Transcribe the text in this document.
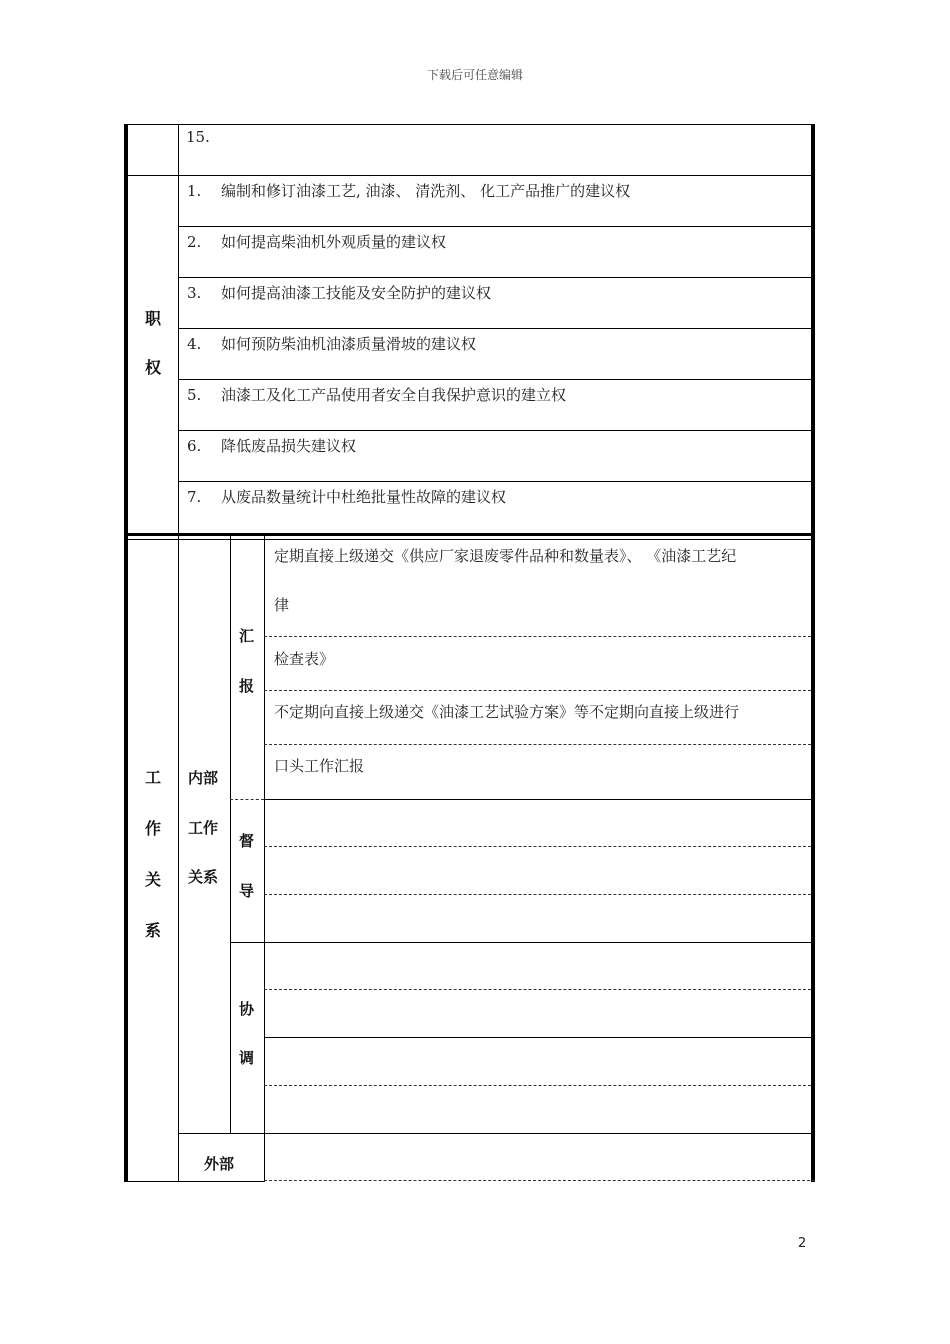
下载后可任意编辑
2
15.
职
权
1. 编制和修订油漆工艺, 油漆、 清洗剂、 化工产品推广的建议权
2. 如何提高柴油机外观质量的建议权
3. 如何提高油漆工技能及安全防护的建议权
4. 如何预防柴油机油漆质量滑坡的建议权
5. 油漆工及化工产品使用者安全自我保护意识的建立权
6. 降低废品损失建议权
7. 从废品数量统计中杜绝批量性故障的建议权
工
作
关
系
内部
工作
关系
汇
报
定期直接上级递交《供应厂家退废零件品种和数量表》、 《油漆工艺纪
律
检查表》
不定期向直接上级递交《油漆工艺试验方案》等不定期向直接上级进行
口头工作汇报
督
导
协
调
外部
